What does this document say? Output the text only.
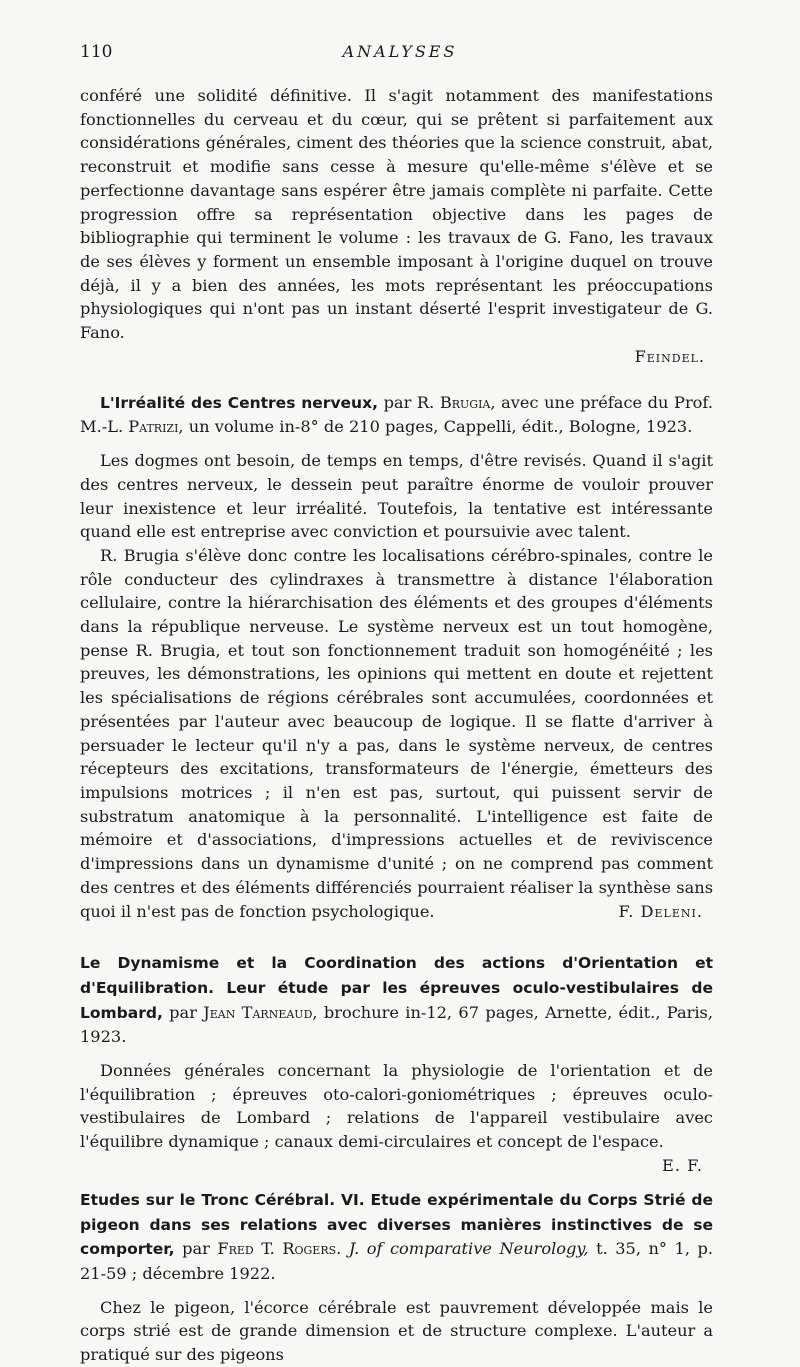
110	ANALYSES

conféré une solidité définitive. Il s'agit notamment des manifestations fonctionnelles du cerveau et du cœur, qui se prêtent si parfaitement aux considérations générales, ciment des théories que la science construit, abat, reconstruit et modifie sans cesse à mesure qu'elle-même s'élève et se perfectionne davantage sans espérer être jamais complète ni parfaite. Cette progression offre sa représentation objective dans les pages de bibliographie qui terminent le volume : les travaux de G. Fano, les travaux de ses élèves y forment un ensemble imposant à l'origine duquel on trouve déjà, il y a bien des années, les mots représentant les préoccupations physiologiques qui n'ont pas un instant déserté l'esprit investigateur de G. Fano.

Feindel.

L'Irréalité des Centres nerveux, par R. Brugia, avec une préface du Prof. M.-L. Patrizi, un volume in-8° de 210 pages, Cappelli, édit., Bologne, 1923.

Les dogmes ont besoin, de temps en temps, d'être revisés. Quand il s'agit des centres nerveux, le dessein peut paraître énorme de vouloir prouver leur inexistence et leur irréalité. Toutefois, la tentative est intéressante quand elle est entreprise avec conviction et poursuivie avec talent.

R. Brugia s'élève donc contre les localisations cérébro-spinales, contre le rôle conducteur des cylindraxes à transmettre à distance l'élaboration cellulaire, contre la hiérarchisation des éléments et des groupes d'éléments dans la république nerveuse. Le système nerveux est un tout homogène, pense R. Brugia, et tout son fonctionnement traduit son homogénéité ; les preuves, les démonstrations, les opinions qui mettent en doute et rejettent les spécialisations de régions cérébrales sont accumulées, coordonnées et présentées par l'auteur avec beaucoup de logique. Il se flatte d'arriver à persuader le lecteur qu'il n'y a pas, dans le système nerveux, de centres récepteurs des excitations, transformateurs de l'énergie, émetteurs des impulsions motrices ; il n'en est pas, surtout, qui puissent servir de substratum anatomique à la personnalité. L'intelligence est faite de mémoire et d'associations, d'impressions actuelles et de reviviscence d'impressions dans un dynamisme d'unité ; on ne comprend pas comment des centres et des éléments différenciés pourraient réaliser la synthèse sans quoi il n'est pas de fonction psychologique.	F. Deleni.

Le Dynamisme et la Coordination des actions d'Orientation et d'Equilibration. Leur étude par les épreuves oculo-vestibulaires de Lombard, par Jean Tarneaud, brochure in-12, 67 pages, Arnette, édit., Paris, 1923.

Données générales concernant la physiologie de l'orientation et de l'équilibration ; épreuves oto-calori-goniométriques ; épreuves oculo-vestibulaires de Lombard ; relations de l'appareil vestibulaire avec l'équilibre dynamique ; canaux demi-circulaires et concept de l'espace.
E. F.

Etudes sur le Tronc Cérébral. VI. Etude expérimentale du Corps Strié de pigeon dans ses relations avec diverses manières instinctives de se comporter, par Fred T. Rogers. J. of comparative Neurology, t. 35, n° 1, p. 21-59 ; décembre 1922.

Chez le pigeon, l'écorce cérébrale est pauvrement développée mais le corps strié est de grande dimension et de structure complexe. L'auteur a pratiqué sur des pigeons
